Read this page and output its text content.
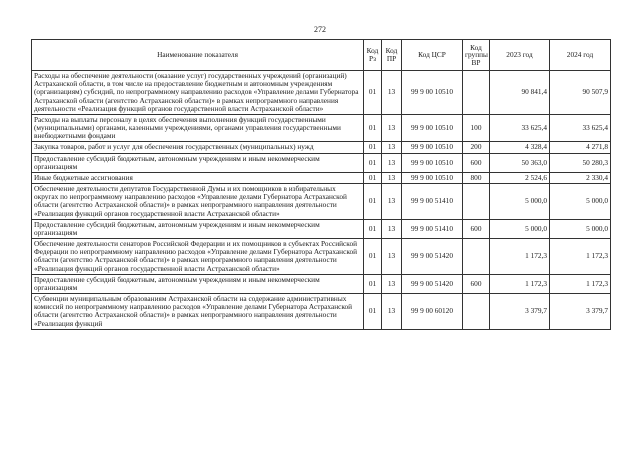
272
Наименование показателя	Код Рз	Код ПР	Код ЦСР	Код группы ВР	2023 год	2024 год
Расходы на обеспечение деятельности (оказание услуг) государственных учреждений (организаций) Астраханской области, в том числе на предоставление бюджетным и автономным учреждениям (организациям) субсидий, по непрограммному направлению расходов «Управление делами Губернатора Астраханской области (агентство Астраханской области)» в рамках непрограммного направления деятельности «Реализация функций органов государственной власти Астраханской области»	01	13	99 9 00 10510		90 841,4	90 507,9
Расходы на выплаты персоналу в целях обеспечения выполнения функций государственными (муниципальными) органами, казенными учреждениями, органами управления государственными внебюджетными фондами	01	13	99 9 00 10510	100	33 625,4	33 625,4
Закупка товаров, работ и услуг для обеспечения государственных (муниципальных) нужд	01	13	99 9 00 10510	200	4 328,4	4 271,8
Предоставление субсидий бюджетным, автономным учреждениям и иным некоммерческим организациям	01	13	99 9 00 10510	600	50 363,0	50 280,3
Иные бюджетные ассигнования	01	13	99 9 00 10510	800	2 524,6	2 330,4
Обеспечение деятельности депутатов Государственной Думы и их помощников в избирательных округах по непрограммному направлению расходов «Управление делами Губернатора Астраханской области (агентство Астраханской области)» в рамках непрограммного направления деятельности «Реализация функций органов государственной власти Астраханской области»	01	13	99 9 00 51410		5 000,0	5 000,0
Предоставление субсидий бюджетным, автономным учреждениям и иным некоммерческим организациям	01	13	99 9 00 51410	600	5 000,0	5 000,0
Обеспечение деятельности сенаторов Российской Федерации и их помощников в субъектах Российской Федерации по непрограммному направлению расходов «Управление делами Губернатора Астраханской области (агентство Астраханской области)» в рамках непрограммного направления деятельности «Реализация функций органов государственной власти Астраханской области»	01	13	99 9 00 51420		1 172,3	1 172,3
Предоставление субсидий бюджетным, автономным учреждениям и иным некоммерческим организациям	01	13	99 9 00 51420	600	1 172,3	1 172,3
Субвенции муниципальным образованиям Астраханской области на содержание административных комиссий по непрограммному направлению расходов «Управление делами Губернатора Астраханской области (агентство Астраханской области)» в рамках непрограммного направления деятельности «Реализация функций	01	13	99 9 00 60120		3 379,7	3 379,7
